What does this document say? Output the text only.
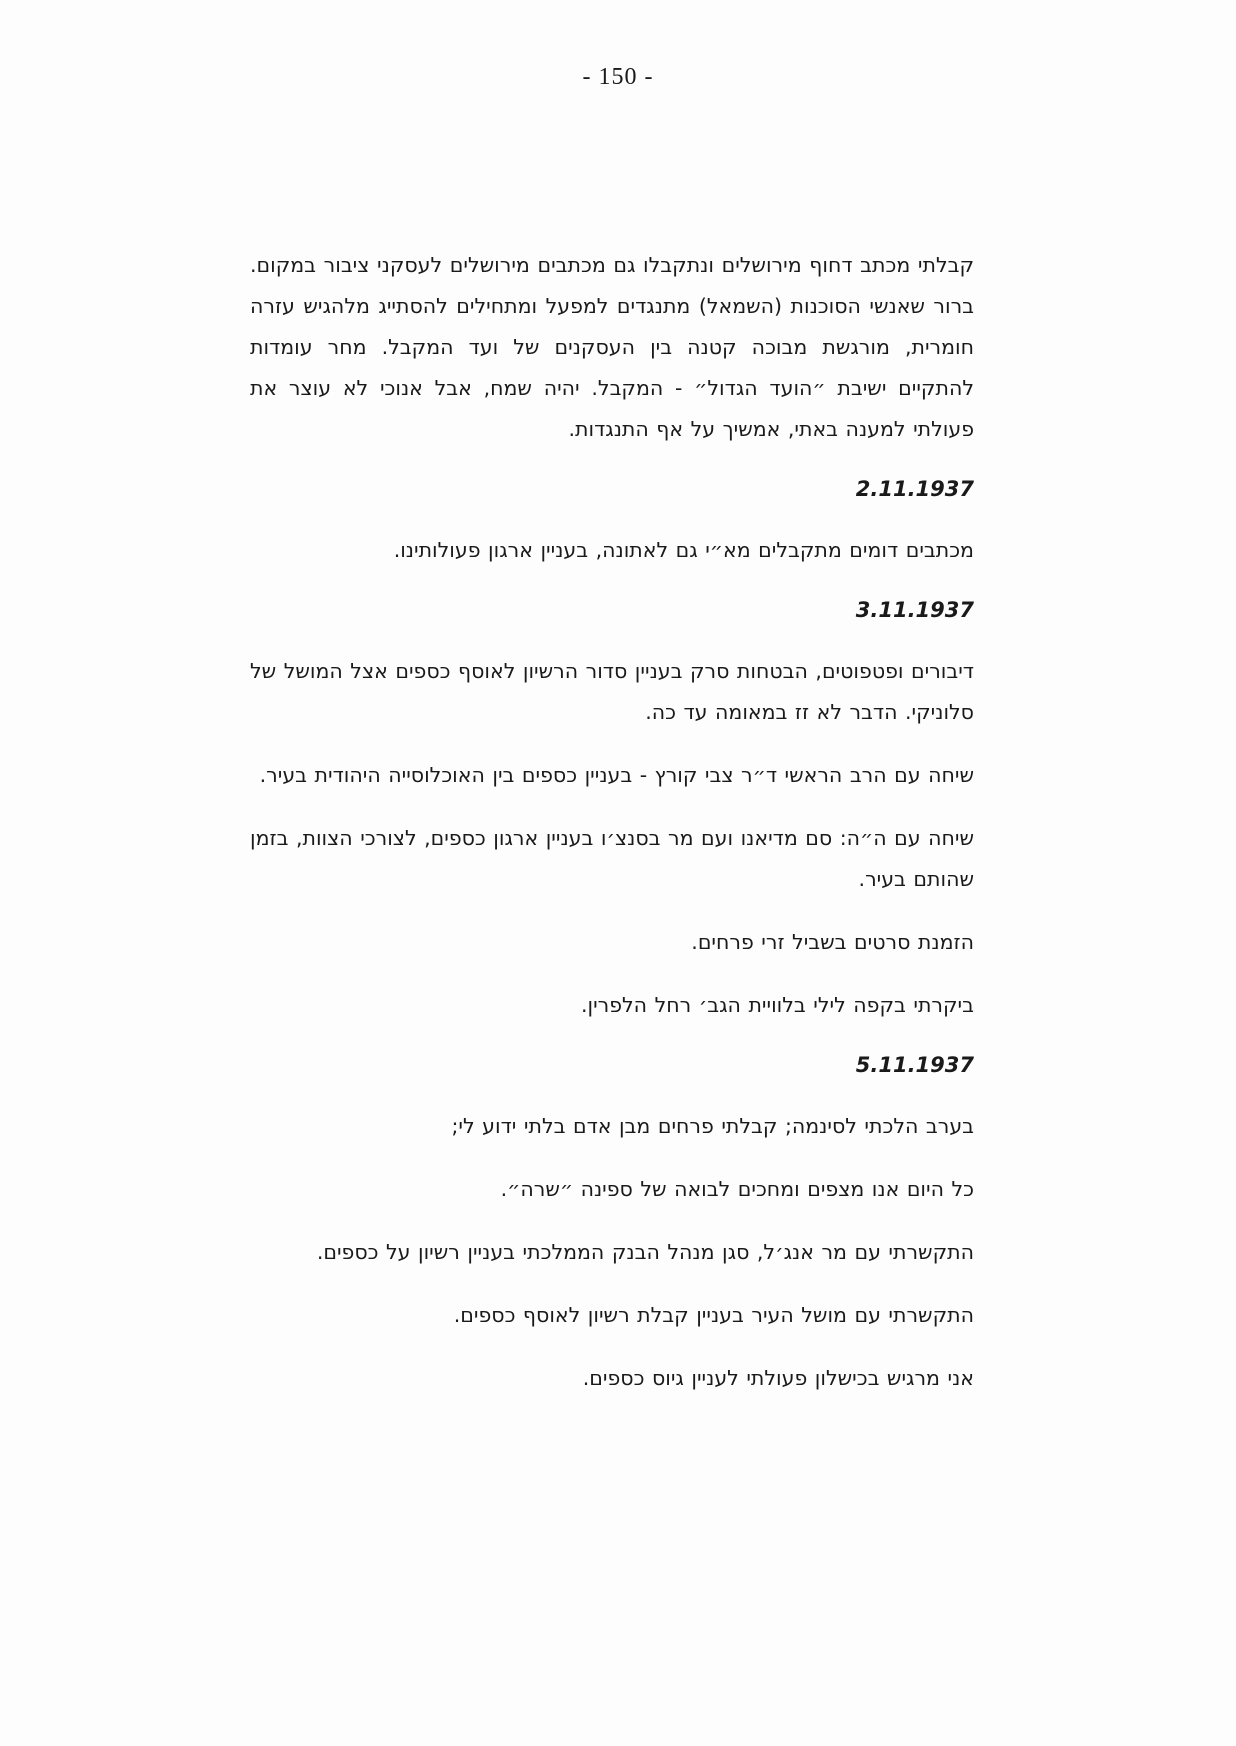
- 150 -

קבלתי מכתב דחוף מירושלים ונתקבלו גם מכתבים מירושלים לעסקני ציבור במקום. ברור שאנשי הסוכנות (השמאל) מתנגדים למפעל ומתחילים להסתייג מלהגיש עזרה חומרית, מורגשת מבוכה קטנה בין העסקנים של ועד המקבל. מחר עומדות להתקיים ישיבת ״הועד הגדול״ - המקבל. יהיה שמח, אבל אנוכי לא עוצר את פעולתי למענה באתי, אמשיך על אף התנגדות.

2.11.1937

מכתבים דומים מתקבלים מא״י גם לאתונה, בעניין ארגון פעולותינו.

3.11.1937

דיבורים ופטפוטים, הבטחות סרק בעניין סדור הרשיון לאוסף כספים אצל המושל של סלוניקי. הדבר לא זז במאומה עד כה.

שיחה עם הרב הראשי ד״ר צבי קורץ - בעניין כספים בין האוכלוסייה היהודית בעיר.

שיחה עם ה״ה: סם מדיאנו ועם מר בסנצ׳ו בעניין ארגון כספים, לצורכי הצוות, בזמן שהותם בעיר.

הזמנת סרטים בשביל זרי פרחים.

ביקרתי בקפה לילי בלוויית הגב׳ רחל הלפרין.

5.11.1937

בערב הלכתי לסינמה; קבלתי פרחים מבן אדם בלתי ידוע לי;

כל היום אנו מצפים ומחכים לבואה של ספינה ״שרה״.

התקשרתי עם מר אנג׳ל, סגן מנהל הבנק הממלכתי בעניין רשיון על כספים.

התקשרתי עם מושל העיר בעניין קבלת רשיון לאוסף כספים.

אני מרגיש בכישלון פעולתי לעניין גיוס כספים.
